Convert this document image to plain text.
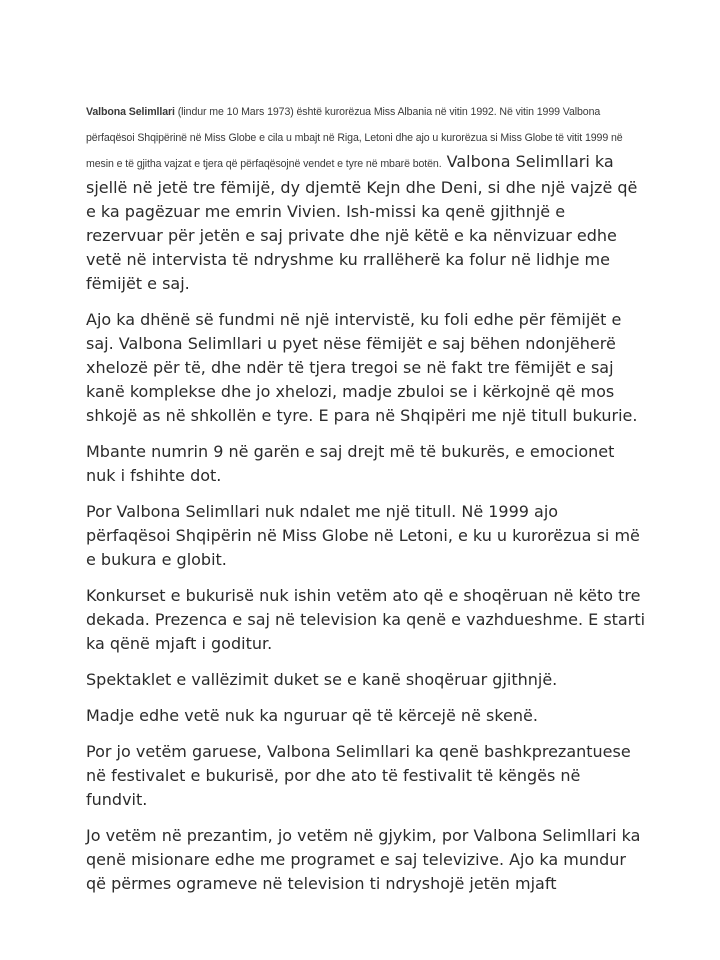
Valbona Selimllari (lindur me 10 Mars 1973) është kurorëzua Miss Albania në vitin 1992. Në vitin 1999 Valbona përfaqësoi Shqipërinë në Miss Globe e cila u mbajt në Riga, Letoni dhe ajo u kurorëzua si Miss Globe të vitit 1999 në mesin e të gjitha vajzat e tjera që përfaqësojnë vendet e tyre në mbarë botën. Valbona Selimllari ka sjellë në jetë tre fëmijë, dy djemtë Kejn dhe Deni, si dhe një vajzë që e ka pagëzuar me emrin Vivien. Ish-missi ka qenë gjithnjë e rezervuar për jetën e saj private dhe një këtë e ka nënvizuar edhe vetë në intervista të ndryshme ku rrallëherë ka folur në lidhje me fëmijët e saj.

Ajo ka dhënë së fundmi në një intervistë, ku foli edhe për fëmijët e saj. Valbona Selimllari u pyet nëse fëmijët e saj bëhen ndonjëherë xhelozë për të, dhe ndër të tjera tregoi se në fakt tre fëmijët e saj kanë komplekse dhe jo xhelozi, madje zbuloi se i kërkojnë që mos shkojë as në shkollën e tyre. E para në Shqipëri me një titull bukurie.

Mbante numrin 9 në garën e saj drejt më të bukurës, e emocionet nuk i fshihte dot.

Por Valbona Selimllari nuk ndalet me një titull. Në 1999 ajo përfaqësoi Shqipërin në Miss Globe në Letoni, e ku u kurorëzua si më e bukura e globit.

Konkurset e bukurisë nuk ishin vetëm ato që e shoqëruan në këto tre dekada. Prezenca e saj në television ka qenë e vazhdueshme. E starti ka qënë mjaft i goditur.

Spektaklet e vallëzimit duket se e kanë shoqëruar gjithnjë.

Madje edhe vetë nuk ka nguruar që të kërcejë në skenë.

Por jo vetëm garuese, Valbona Selimllari ka qenë bashkprezantuese në festivalet e bukurisë, por dhe ato të festivalit të këngës në fundvit.

Jo vetëm në prezantim, jo vetëm në gjykim, por Valbona Selimllari ka qenë misionare edhe me programet e saj televizive. Ajo ka mundur që përmes ogrameve në television ti ndryshojë jetën mjaft
